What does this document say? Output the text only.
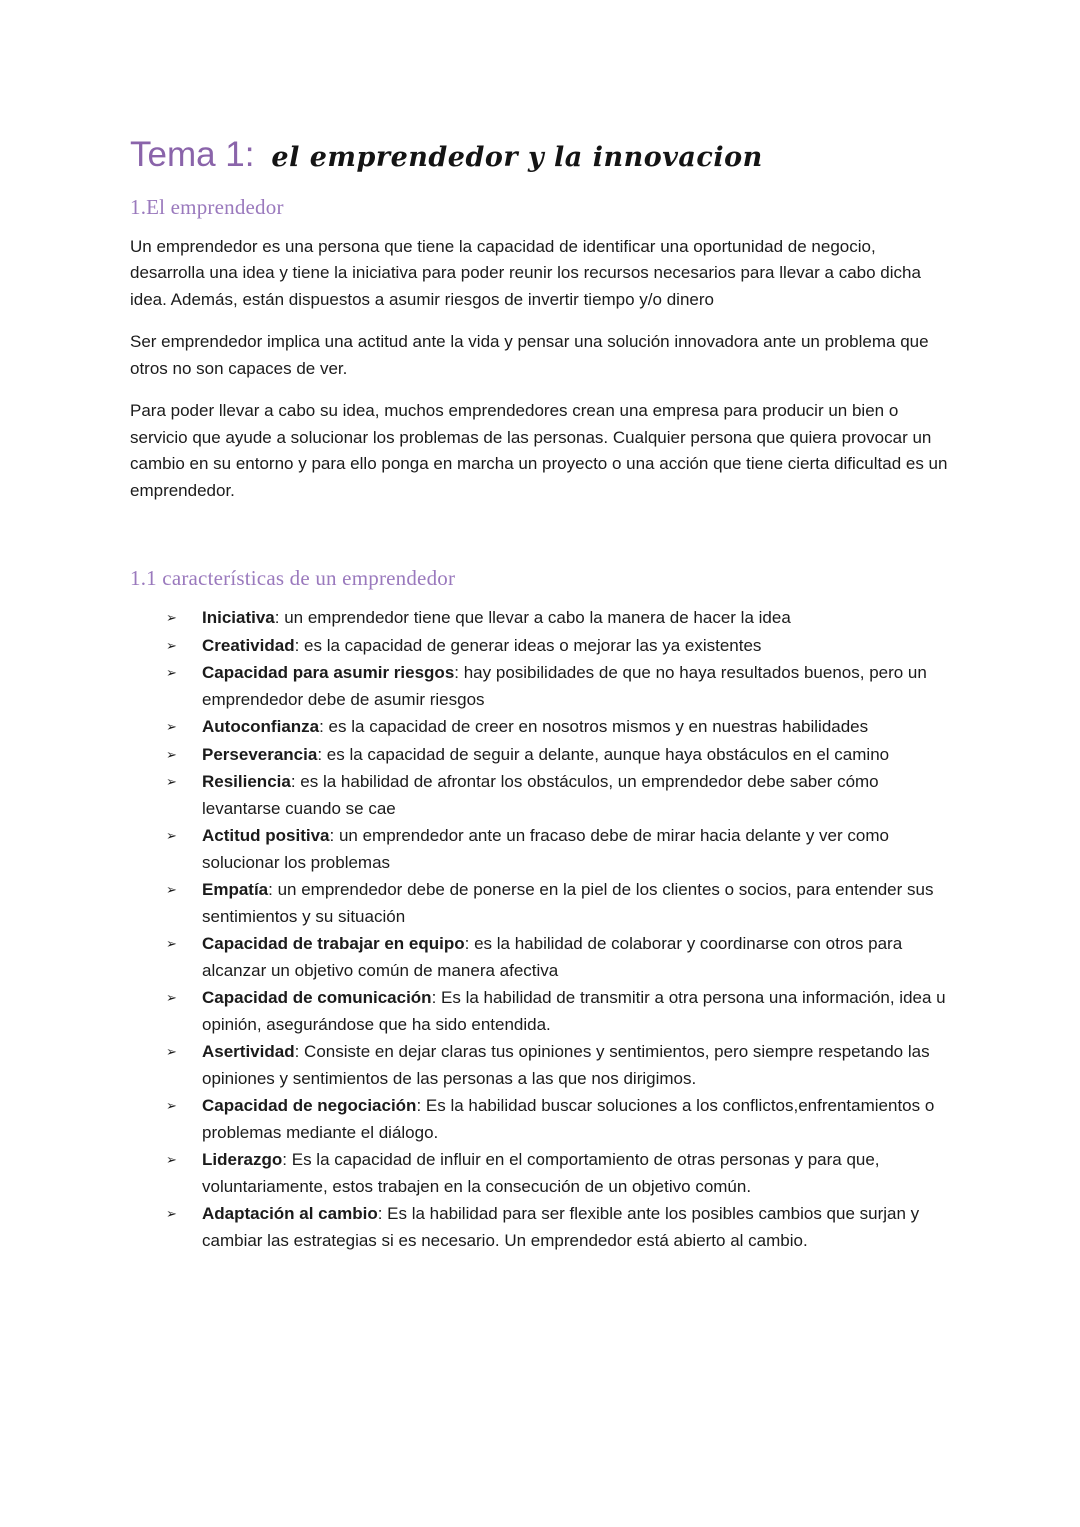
Tema 1: el emprendedor y la innovacion
1.El emprendedor

Un emprendedor es una persona que tiene la capacidad de identificar una oportunidad de negocio, desarrolla una idea y tiene la iniciativa para poder reunir los recursos necesarios para llevar a cabo dicha idea. Además, están dispuestos a asumir riesgos de invertir tiempo y/o dinero

Ser emprendedor implica una actitud ante la vida y pensar una solución innovadora ante un problema que otros no son capaces de ver.

Para poder llevar a cabo su idea, muchos emprendedores crean una empresa para producir un bien o servicio que ayude a solucionar los problemas de las personas. Cualquier persona que quiera provocar un cambio en su entorno y para ello ponga en marcha un proyecto o una acción que tiene cierta dificultad es un emprendedor.

1.1 características de un emprendedor
➢	Iniciativa: un emprendedor tiene que llevar a cabo la manera de hacer la idea
➢	Creatividad: es la capacidad de generar ideas o mejorar las ya existentes
➢	Capacidad para asumir riesgos: hay posibilidades de que no haya resultados buenos, pero un emprendedor debe de asumir riesgos
➢	Autoconfianza: es la capacidad de creer en nosotros mismos y en nuestras habilidades
➢	Perseverancia: es la capacidad de seguir a delante, aunque haya obstáculos en el camino
➢	Resiliencia: es la habilidad de afrontar los obstáculos, un emprendedor debe saber cómo levantarse cuando se cae
➢	Actitud positiva: un emprendedor ante un fracaso debe de mirar hacia delante y ver como solucionar los problemas
➢	Empatía: un emprendedor debe de ponerse en la piel de los clientes o socios, para entender sus sentimientos y su situación
➢	Capacidad de trabajar en equipo: es la habilidad de colaborar y coordinarse con otros para alcanzar un objetivo común de manera afectiva
➢	Capacidad de comunicación: Es la habilidad de transmitir a otra persona una información, idea u opinión, asegurándose que ha sido entendida.
➢	Asertividad: Consiste en dejar claras tus opiniones y sentimientos, pero siempre respetando las opiniones y sentimientos de las personas a las que nos dirigimos.
➢	Capacidad de negociación: Es la habilidad buscar soluciones a los conflictos,enfrentamientos o problemas mediante el diálogo.
➢	Liderazgo: Es la capacidad de influir en el comportamiento de otras personas y para que, voluntariamente, estos trabajen en la consecución de un objetivo común.
➢	Adaptación al cambio: Es la habilidad para ser flexible ante los posibles cambios que surjan y cambiar las estrategias si es necesario. Un emprendedor está abierto al cambio.
